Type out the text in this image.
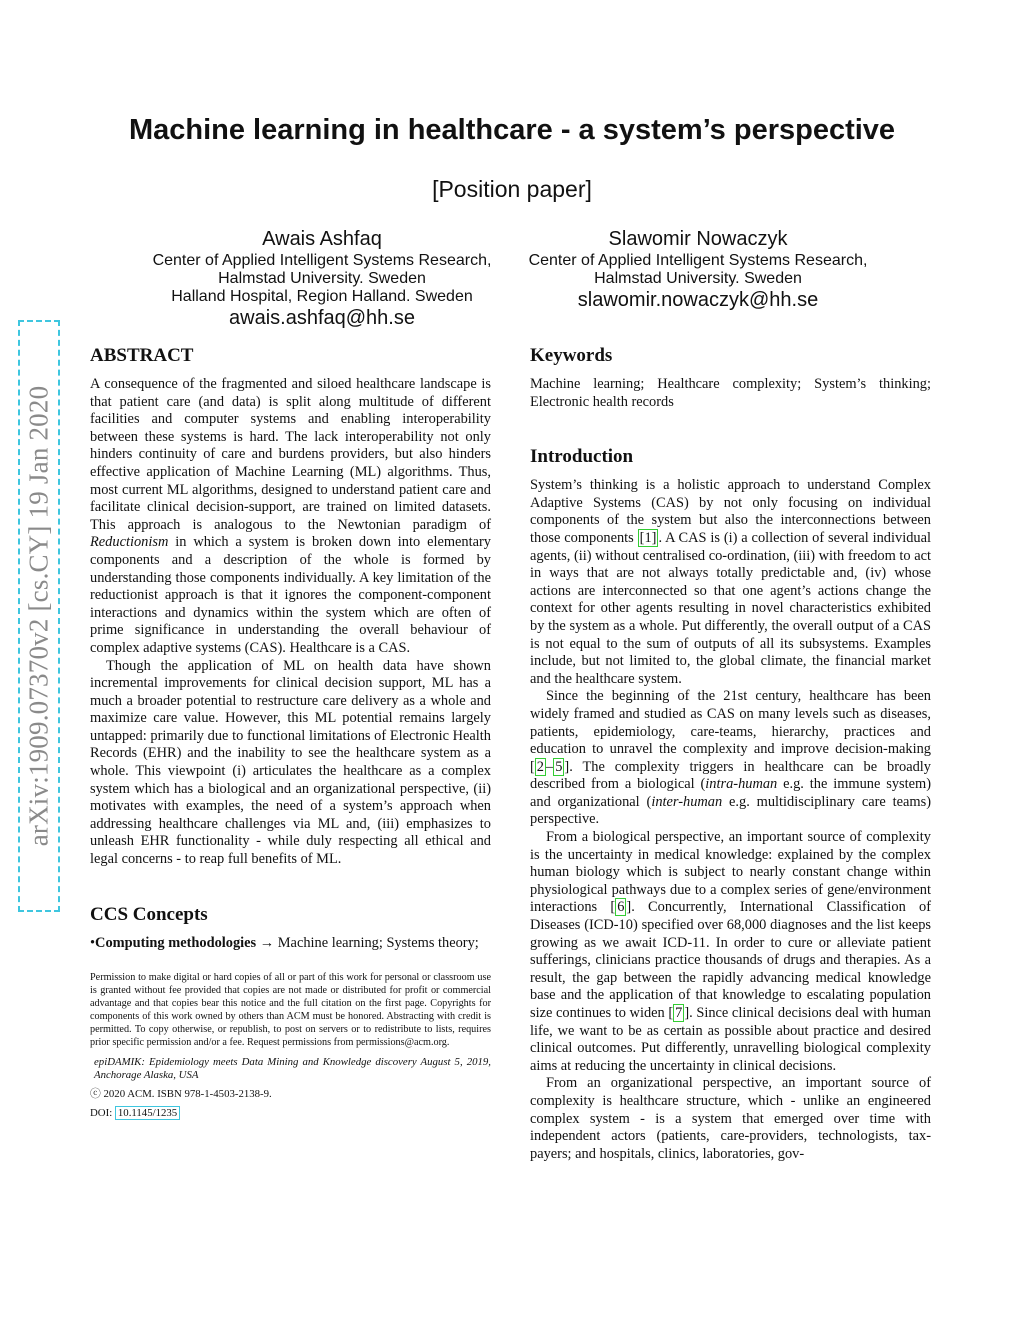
arXiv:1909.07370v2 [cs.CY] 19 Jan 2020
Machine learning in healthcare - a system’s perspective
[Position paper]
Awais Ashfaq
Center of Applied Intelligent Systems Research,
Halmstad University. Sweden
Halland Hospital, Region Halland. Sweden
awais.ashfaq@hh.se
Slawomir Nowaczyk
Center of Applied Intelligent Systems Research,
Halmstad University. Sweden
slawomir.nowaczyk@hh.se
ABSTRACT

A consequence of the fragmented and siloed healthcare landscape is that patient care (and data) is split along multitude of different facilities and computer systems and enabling interoperability between these systems is hard. The lack interoperability not only hinders continuity of care and burdens providers, but also hinders effective application of Machine Learning (ML) algorithms. Thus, most current ML algorithms, designed to understand patient care and facilitate clinical decision-support, are trained on limited datasets. This approach is analogous to the Newtonian paradigm of Reductionism in which a system is broken down into elementary components and a description of the whole is formed by understanding those components individually. A key limitation of the reductionist approach is that it ignores the component-component interactions and dynamics within the system which are often of prime significance in understanding the overall behaviour of complex adaptive systems (CAS). Healthcare is a CAS.

Though the application of ML on health data have shown incremental improvements for clinical decision support, ML has a much a broader potential to restructure care delivery as a whole and maximize care value. However, this ML potential remains largely untapped: primarily due to functional limitations of Electronic Health Records (EHR) and the inability to see the healthcare system as a whole. This viewpoint (i) articulates the healthcare as a complex system which has a biological and an organizational perspective, (ii) motivates with examples, the need of a system’s approach when addressing healthcare challenges via ML and, (iii) emphasizes to unleash EHR functionality - while duly respecting all ethical and legal concerns - to reap full benefits of ML.

CCS Concepts

•Computing methodologies → Machine learning; Systems theory;

Permission to make digital or hard copies of all or part of this work for personal or classroom use is granted without fee provided that copies are not made or distributed for profit or commercial advantage and that copies bear this notice and the full citation on the first page. Copyrights for components of this work owned by others than ACM must be honored. Abstracting with credit is permitted. To copy otherwise, or republish, to post on servers or to redistribute to lists, requires prior specific permission and/or a fee. Request permissions from permissions@acm.org.

epiDAMIK: Epidemiology meets Data Mining and Knowledge discovery August 5, 2019, Anchorage Alaska, USA

ⓒ 2020 ACM. ISBN 978-1-4503-2138-9.

DOI: 10.1145/1235

Keywords

Machine learning; Healthcare complexity; System’s thinking; Electronic health records

Introduction

System’s thinking is a holistic approach to understand Complex Adaptive Systems (CAS) by not only focusing on individual components of the system but also the interconnections between those components [1] . A CAS is (i) a collection of several individual agents, (ii) without centralised co-ordination, (iii) with freedom to act in ways that are not always totally predictable and, (iv) whose actions are interconnected so that one agent’s actions change the context for other agents resulting in novel characteristics exhibited by the system as a whole. Put differently, the overall output of a CAS is not equal to the sum of outputs of all its subsystems. Examples include, but not limited to, the global climate, the financial market and the healthcare system.

Since the beginning of the 21st century, healthcare has been widely framed and studied as CAS on many levels such as diseases, patients, epidemiology, care-teams, hierarchy, practices and education to unravel the complexity and improve decision-making [ 2 – 5 ]. The complexity triggers in healthcare can be broadly described from a biological (intra-human e.g. the immune system) and organizational (inter-human e.g. multidisciplinary care teams) perspective.

From a biological perspective, an important source of complexity is the uncertainty in medical knowledge: explained by the complex human biology which is subject to nearly constant change within physiological pathways due to a complex series of gene/environment interactions [ 6 ]. Concurrently, International Classification of Diseases (ICD-10) specified over 68,000 diagnoses and the list keeps growing as we await ICD-11. In order to cure or alleviate patient sufferings, clinicians practice thousands of drugs and therapies. As a result, the gap between the rapidly advancing medical knowledge base and the application of that knowledge to escalating population size continues to widen [ 7 ]. Since clinical decisions deal with human life, we want to be as certain as possible about practice and desired clinical outcomes. Put differently, unravelling biological complexity aims at reducing the uncertainty in clinical decisions.

From an organizational perspective, an important source of complexity is healthcare structure, which - unlike an engineered complex system - is a system that emerged over time with independent actors (patients, care-providers, technologists, tax-payers; and hospitals, clinics, laboratories, gov-
